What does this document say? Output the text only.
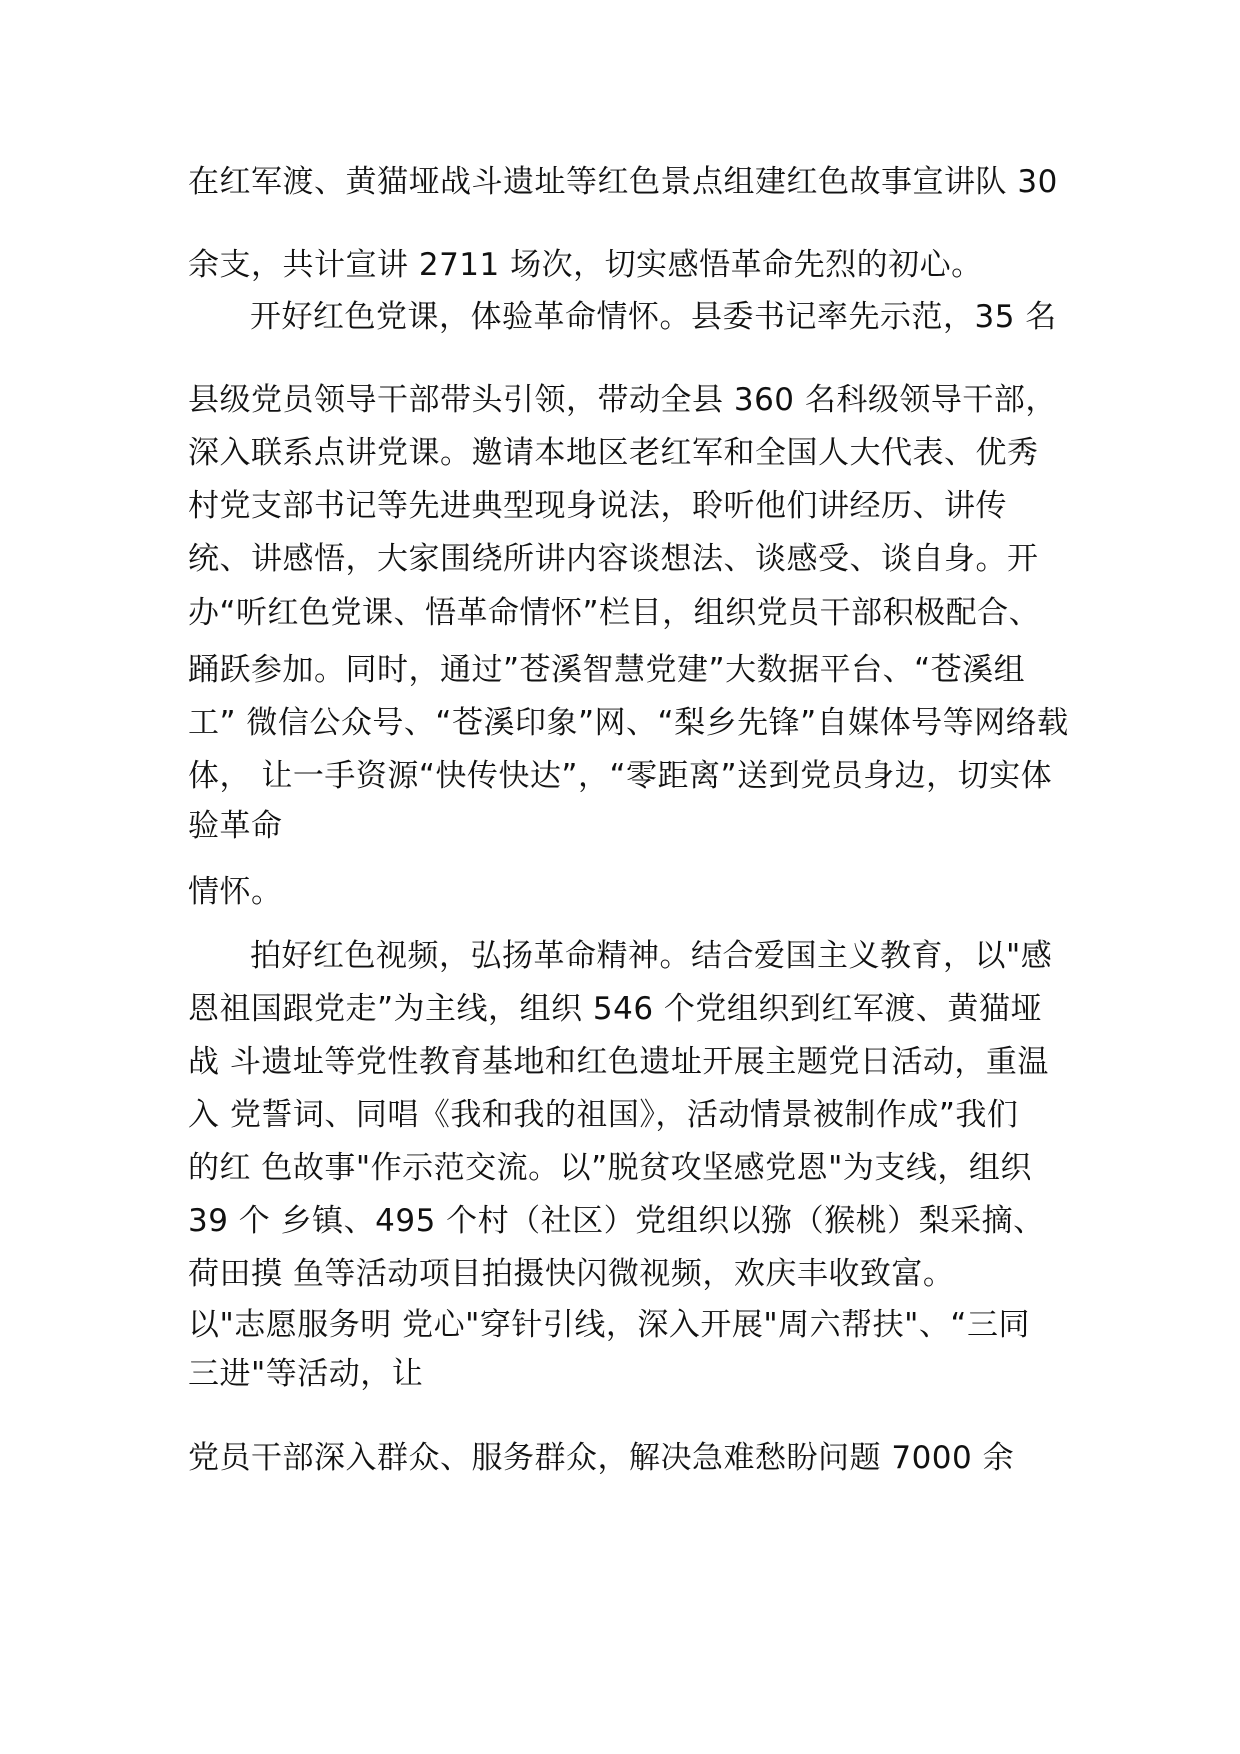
在红军渡、黄猫垭战斗遗址等红色景点组建红色故事宣讲队 30
余支，共计宣讲 2711 场次，切实感悟革命先烈的初心。
开好红色党课，体验革命情怀。县委书记率先示范，35 名
县级党员领导干部带头引领，带动全县 360 名科级领导干部，
深入联系点讲党课。邀请本地区老红军和全国人大代表、优秀
村党支部书记等先进典型现身说法，聆听他们讲经历、讲传
统、讲感悟，大家围绕所讲内容谈想法、谈感受、谈自身。开
办“听红色党课、悟革命情怀”栏目，组织党员干部积极配合、
踊跃参加。同时，通过”苍溪智慧党建”大数据平台、“苍溪组
工” 微信公众号、“苍溪印象”网、“梨乡先锋”自媒体号等网络载
体， 让一手资源“快传快达”，“零距离”送到党员身边，切实体
验革命
情怀。
拍好红色视频，弘扬革命精神。结合爱国主义教育，以"感
恩祖国跟党走”为主线，组织 546 个党组织到红军渡、黄猫垭
战 斗遗址等党性教育基地和红色遗址开展主题党日活动，重温
入 党誓词、同唱《我和我的祖国》，活动情景被制作成”我们
的红 色故事"作示范交流。以”脱贫攻坚感党恩"为支线，组织
39 个 乡镇、495 个村（社区）党组织以猕（猴桃）梨采摘、
荷田摸 鱼等活动项目拍摄快闪微视频，欢庆丰收致富。
以"志愿服务明 党心"穿针引线，深入开展"周六帮扶"、“三同
三进"等活动，让
党员干部深入群众、服务群众，解决急难愁盼问题 7000 余
